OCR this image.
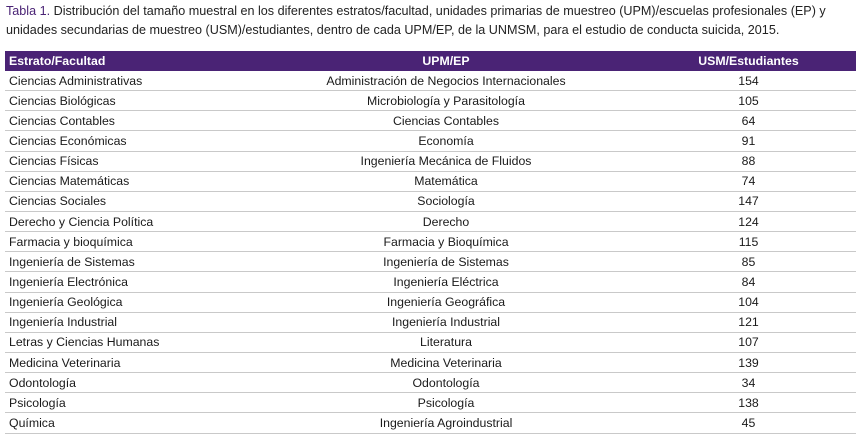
Tabla 1. Distribución del tamaño muestral en los diferentes estratos/facultad, unidades primarias de muestreo (UPM)/escuelas profesionales (EP) y unidades secundarias de muestreo (USM)/estudiantes, dentro de cada UPM/EP, de la UNMSM, para el estudio de conducta suicida, 2015.
Estrato/Facultad	UPM/EP	USM/Estudiantes
Ciencias Administrativas	Administración de Negocios Internacionales	154
Ciencias Biológicas	Microbiología y Parasitología	105
Ciencias Contables	Ciencias Contables	64
Ciencias Económicas	Economía	91
Ciencias Físicas	Ingeniería Mecánica de Fluidos	88
Ciencias Matemáticas	Matemática	74
Ciencias Sociales	Sociología	147
Derecho y Ciencia Política	Derecho	124
Farmacia y bioquímica	Farmacia y Bioquímica	115
Ingeniería de Sistemas	Ingeniería de Sistemas	85
Ingeniería Electrónica	Ingeniería Eléctrica	84
Ingeniería Geológica	Ingeniería Geográfica	104
Ingeniería Industrial	Ingeniería Industrial	121
Letras y Ciencias Humanas	Literatura	107
Medicina Veterinaria	Medicina Veterinaria	139
Odontología	Odontología	34
Psicología	Psicología	138
Química	Ingeniería Agroindustrial	45
